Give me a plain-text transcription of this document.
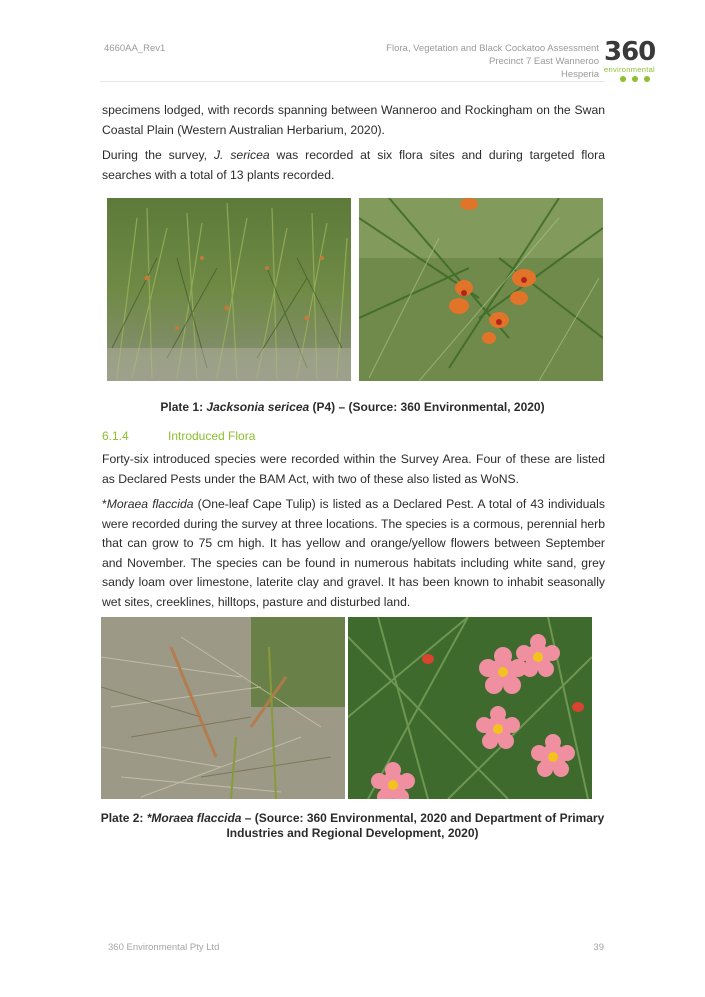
4660AA_Rev1	Flora, Vegetation and Black Cockatoo Assessment
Precinct 7 East Wanneroo
Hesperia
360
environmental

specimens lodged, with records spanning between Wanneroo and Rockingham on the Swan Coastal Plain (Western Australian Herbarium, 2020).

During the survey, J. sericea was recorded at six flora sites and during targeted flora searches with a total of 13 plants recorded.

Plate 1: Jacksonia sericea (P4) – (Source: 360 Environmental, 2020)
6.1.4	Introduced Flora

Forty-six introduced species were recorded within the Survey Area. Four of these are listed as Declared Pests under the BAM Act, with two of these also listed as WoNS.

*Moraea flaccida (One-leaf Cape Tulip) is listed as a Declared Pest. A total of 43 individuals were recorded during the survey at three locations. The species is a cormous, perennial herb that can grow to 75 cm high. It has yellow and orange/yellow flowers between September and November. The species can be found in numerous habitats including white sand, grey sandy loam over limestone, laterite clay and gravel. It has been known to inhabit seasonally wet sites, creeklines, hilltops, pasture and disturbed land.

Plate 2: *Moraea flaccida – (Source: 360 Environmental, 2020 and Department of Primary Industries and Regional Development, 2020)
360 Environmental Pty Ltd	39
